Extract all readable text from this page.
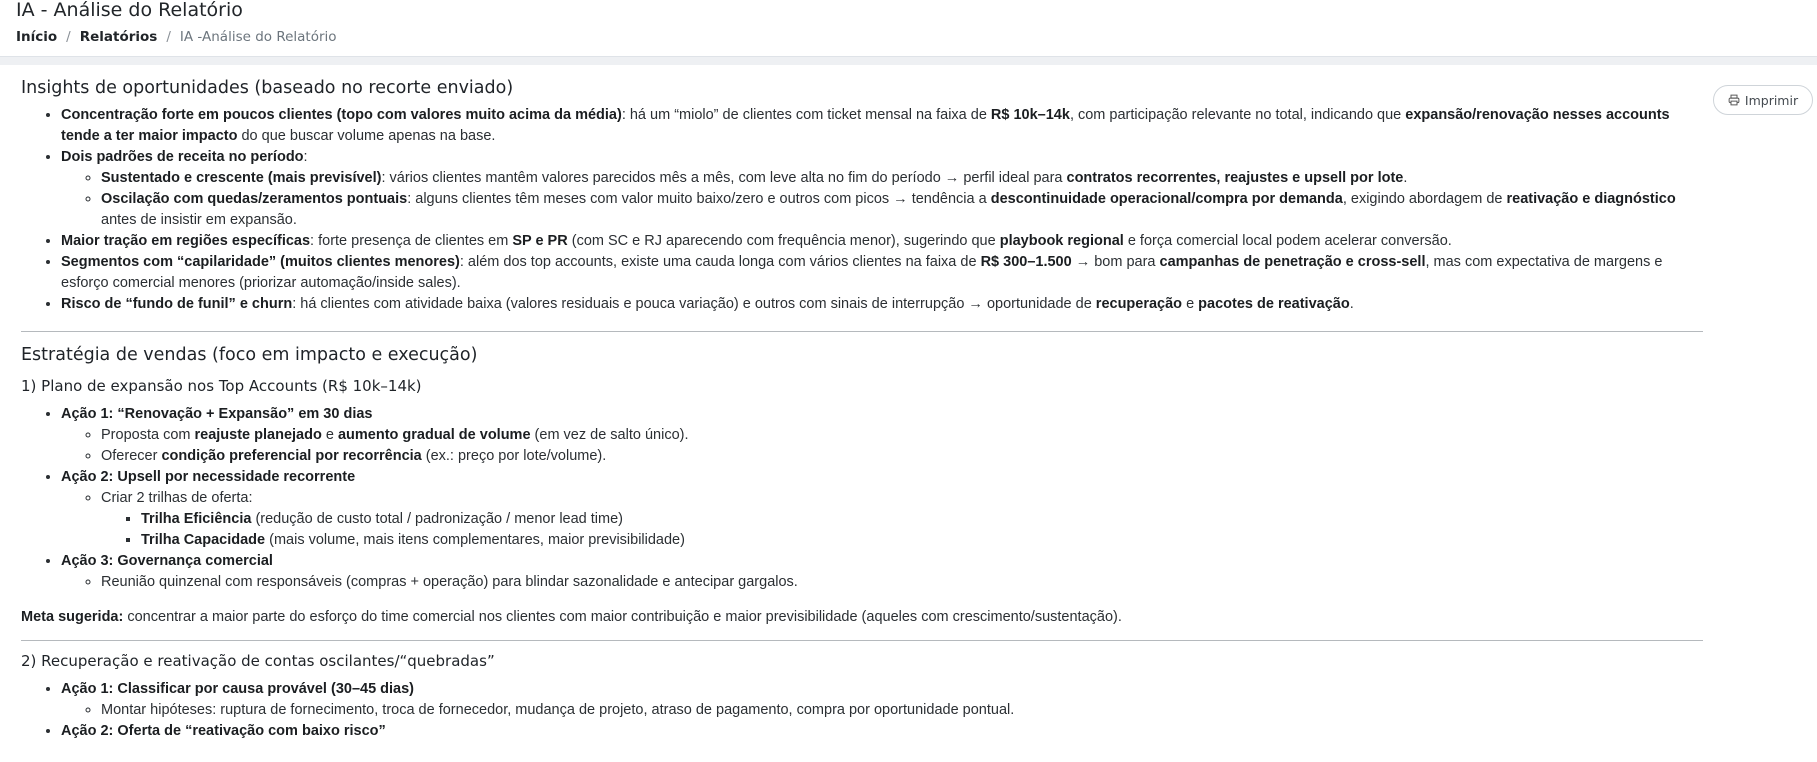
IA - Análise do Relatório
Início / Relatórios / IA -Análise do Relatório
Imprimir
Insights de oportunidades (baseado no recorte enviado)
• Concentração forte em poucos clientes (topo com valores muito acima da média): há um “miolo” de clientes com ticket mensal na faixa de R$ 10k–14k, com participação relevante no total, indicando que expansão/renovação nesses accounts tende a ter maior impacto do que buscar volume apenas na base.
• Dois padrões de receita no período:
◦ Sustentado e crescente (mais previsível): vários clientes mantêm valores parecidos mês a mês, com leve alta no fim do período → perfil ideal para contratos recorrentes, reajustes e upsell por lote.
◦ Oscilação com quedas/zeramentos pontuais: alguns clientes têm meses com valor muito baixo/zero e outros com picos → tendência a descontinuidade operacional/compra por demanda, exigindo abordagem de reativação e diagnóstico antes de insistir em expansão.
• Maior tração em regiões específicas: forte presença de clientes em SP e PR (com SC e RJ aparecendo com frequência menor), sugerindo que playbook regional e força comercial local podem acelerar conversão.
• Segmentos com “capilaridade” (muitos clientes menores): além dos top accounts, existe uma cauda longa com vários clientes na faixa de R$ 300–1.500 → bom para campanhas de penetração e cross-sell, mas com expectativa de margens e esforço comercial menores (priorizar automação/inside sales).
• Risco de “fundo de funil” e churn: há clientes com atividade baixa (valores residuais e pouca variação) e outros com sinais de interrupção → oportunidade de recuperação e pacotes de reativação.
Estratégia de vendas (foco em impacto e execução)
1) Plano de expansão nos Top Accounts (R$ 10k–14k)
• Ação 1: “Renovação + Expansão” em 30 dias
◦ Proposta com reajuste planejado e aumento gradual de volume (em vez de salto único).
◦ Oferecer condição preferencial por recorrência (ex.: preço por lote/volume).
• Ação 2: Upsell por necessidade recorrente
◦ Criar 2 trilhas de oferta:
▪ Trilha Eficiência (redução de custo total / padronização / menor lead time)
▪ Trilha Capacidade (mais volume, mais itens complementares, maior previsibilidade)
• Ação 3: Governança comercial
◦ Reunião quinzenal com responsáveis (compras + operação) para blindar sazonalidade e antecipar gargalos.

Meta sugerida: concentrar a maior parte do esforço do time comercial nos clientes com maior contribuição e maior previsibilidade (aqueles com crescimento/sustentação).

2) Recuperação e reativação de contas oscilantes/“quebradas”
• Ação 1: Classificar por causa provável (30–45 dias)
◦ Montar hipóteses: ruptura de fornecimento, troca de fornecedor, mudança de projeto, atraso de pagamento, compra por oportunidade pontual.
• Ação 2: Oferta de “reativação com baixo risco”
